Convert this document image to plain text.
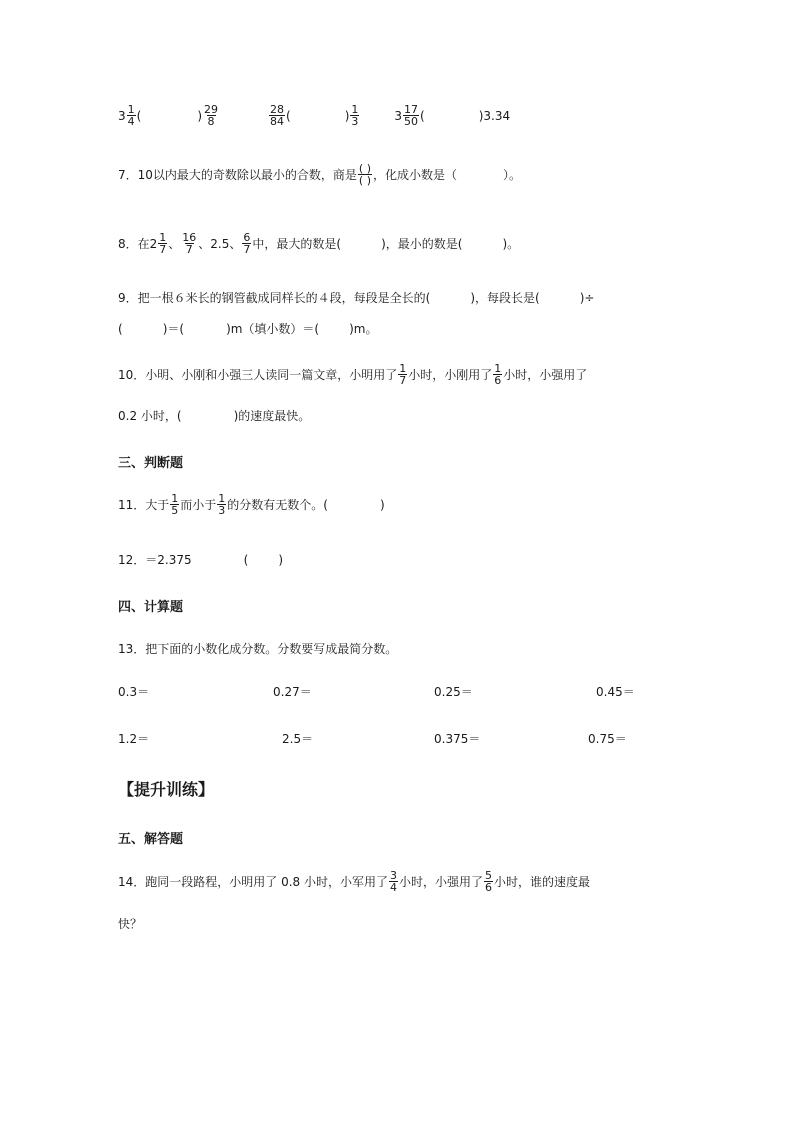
$3 \frac{1}{4}$ (	) $\frac{29}{8}$	$\frac{28}{84}$ (	) $\frac{1}{3}$	$3 \frac{17}{50}$ (	) 3.34
7．10以内最大的奇数除以最小的合数，商是 $\frac{( )}{( )}$ ，化成小数是（	）。
8．在 $2 \frac{1}{7}$ 、 $\frac{16}{7}$ 、2.5、 $\frac{6}{7}$ 中，最大的数是(	)，最小的数是(	)。
9．把一根６米长的钢管截成同样长的４段，每段是全长的(	)，每段长是(	)÷
(	)＝(	)m（填小数）＝(	)m。
10．小明、小刚和小强三人读同一篇文章，小明用了 $\frac{1}{7}$ 小时，小刚用了 $\frac{1}{6}$ 小时，小强用了
0.2 小时，(	)的速度最快。
三、判断题
11．大于 $\frac{1}{5}$ 而小于 $\frac{1}{3}$ 的分数有无数个。(	)
12．＝2.375	(	)
四、计算题
13．把下面的小数化成分数。分数要写成最简分数。
0.3＝	0.27＝	0.25＝	0.45＝
1.2＝	2.5＝	0.375＝	0.75＝
【提升训练】
五、解答题
14．跑同一段路程，小明用了 0.8 小时，小军用了 $\frac{3}{4}$ 小时，小强用了 $\frac{5}{6}$ 小时，谁的速度最
快？
